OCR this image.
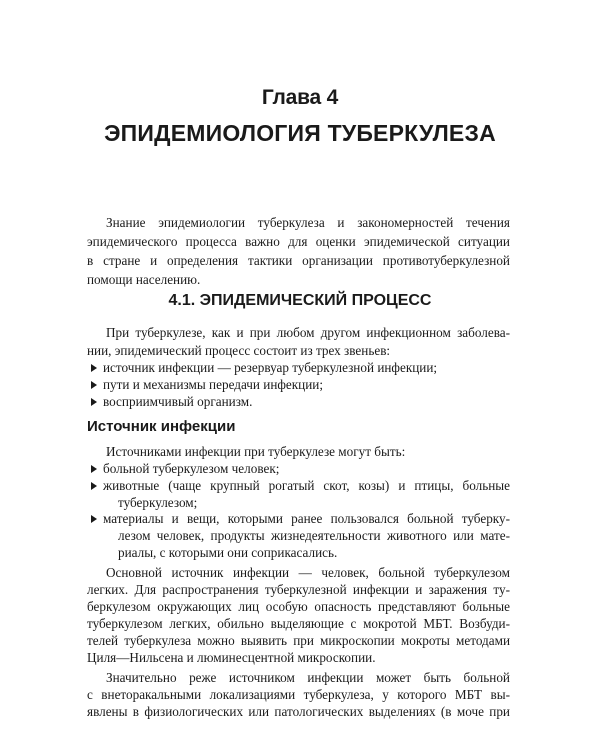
Глава 4
ЭПИДЕМИОЛОГИЯ ТУБЕРКУЛЕЗА
Знание эпидемиологии туберкулеза и закономерностей течения
эпидемического процесса важно для оценки эпидемической ситуации
в стране и определения тактики организации противотуберкулезной
помощи населению.
4.1. ЭПИДЕМИЧЕСКИЙ ПРОЦЕСС
При туберкулезе, как и при любом другом инфекционном заболева-
нии, эпидемический процесс состоит из трех звеньев:
источник инфекции — резервуар туберкулезной инфекции;
пути и механизмы передачи инфекции;
восприимчивый организм.
Источник инфекции
Источниками инфекции при туберкулезе могут быть:
больной туберкулезом человек;
животные (чаще крупный рогатый скот, козы) и птицы, больные
туберкулезом;
материалы и вещи, которыми ранее пользовался больной туберку-
лезом человек, продукты жизнедеятельности животного или мате-
риалы, с которыми они соприкасались.
Основной источник инфекции — человек, больной туберкулезом
легких. Для распространения туберкулезной инфекции и заражения ту-
беркулезом окружающих лиц особую опасность представляют больные
туберкулезом легких, обильно выделяющие с мокротой МБТ. Возбуди-
телей туберкулеза можно выявить при микроскопии мокроты методами
Циля—Нильсена и люминесцентной микроскопии.
Значительно реже источником инфекции может быть больной
с внеторакальными локализациями туберкулеза, у которого МБТ вы-
явлены в физиологических или патологических выделениях (в моче при
